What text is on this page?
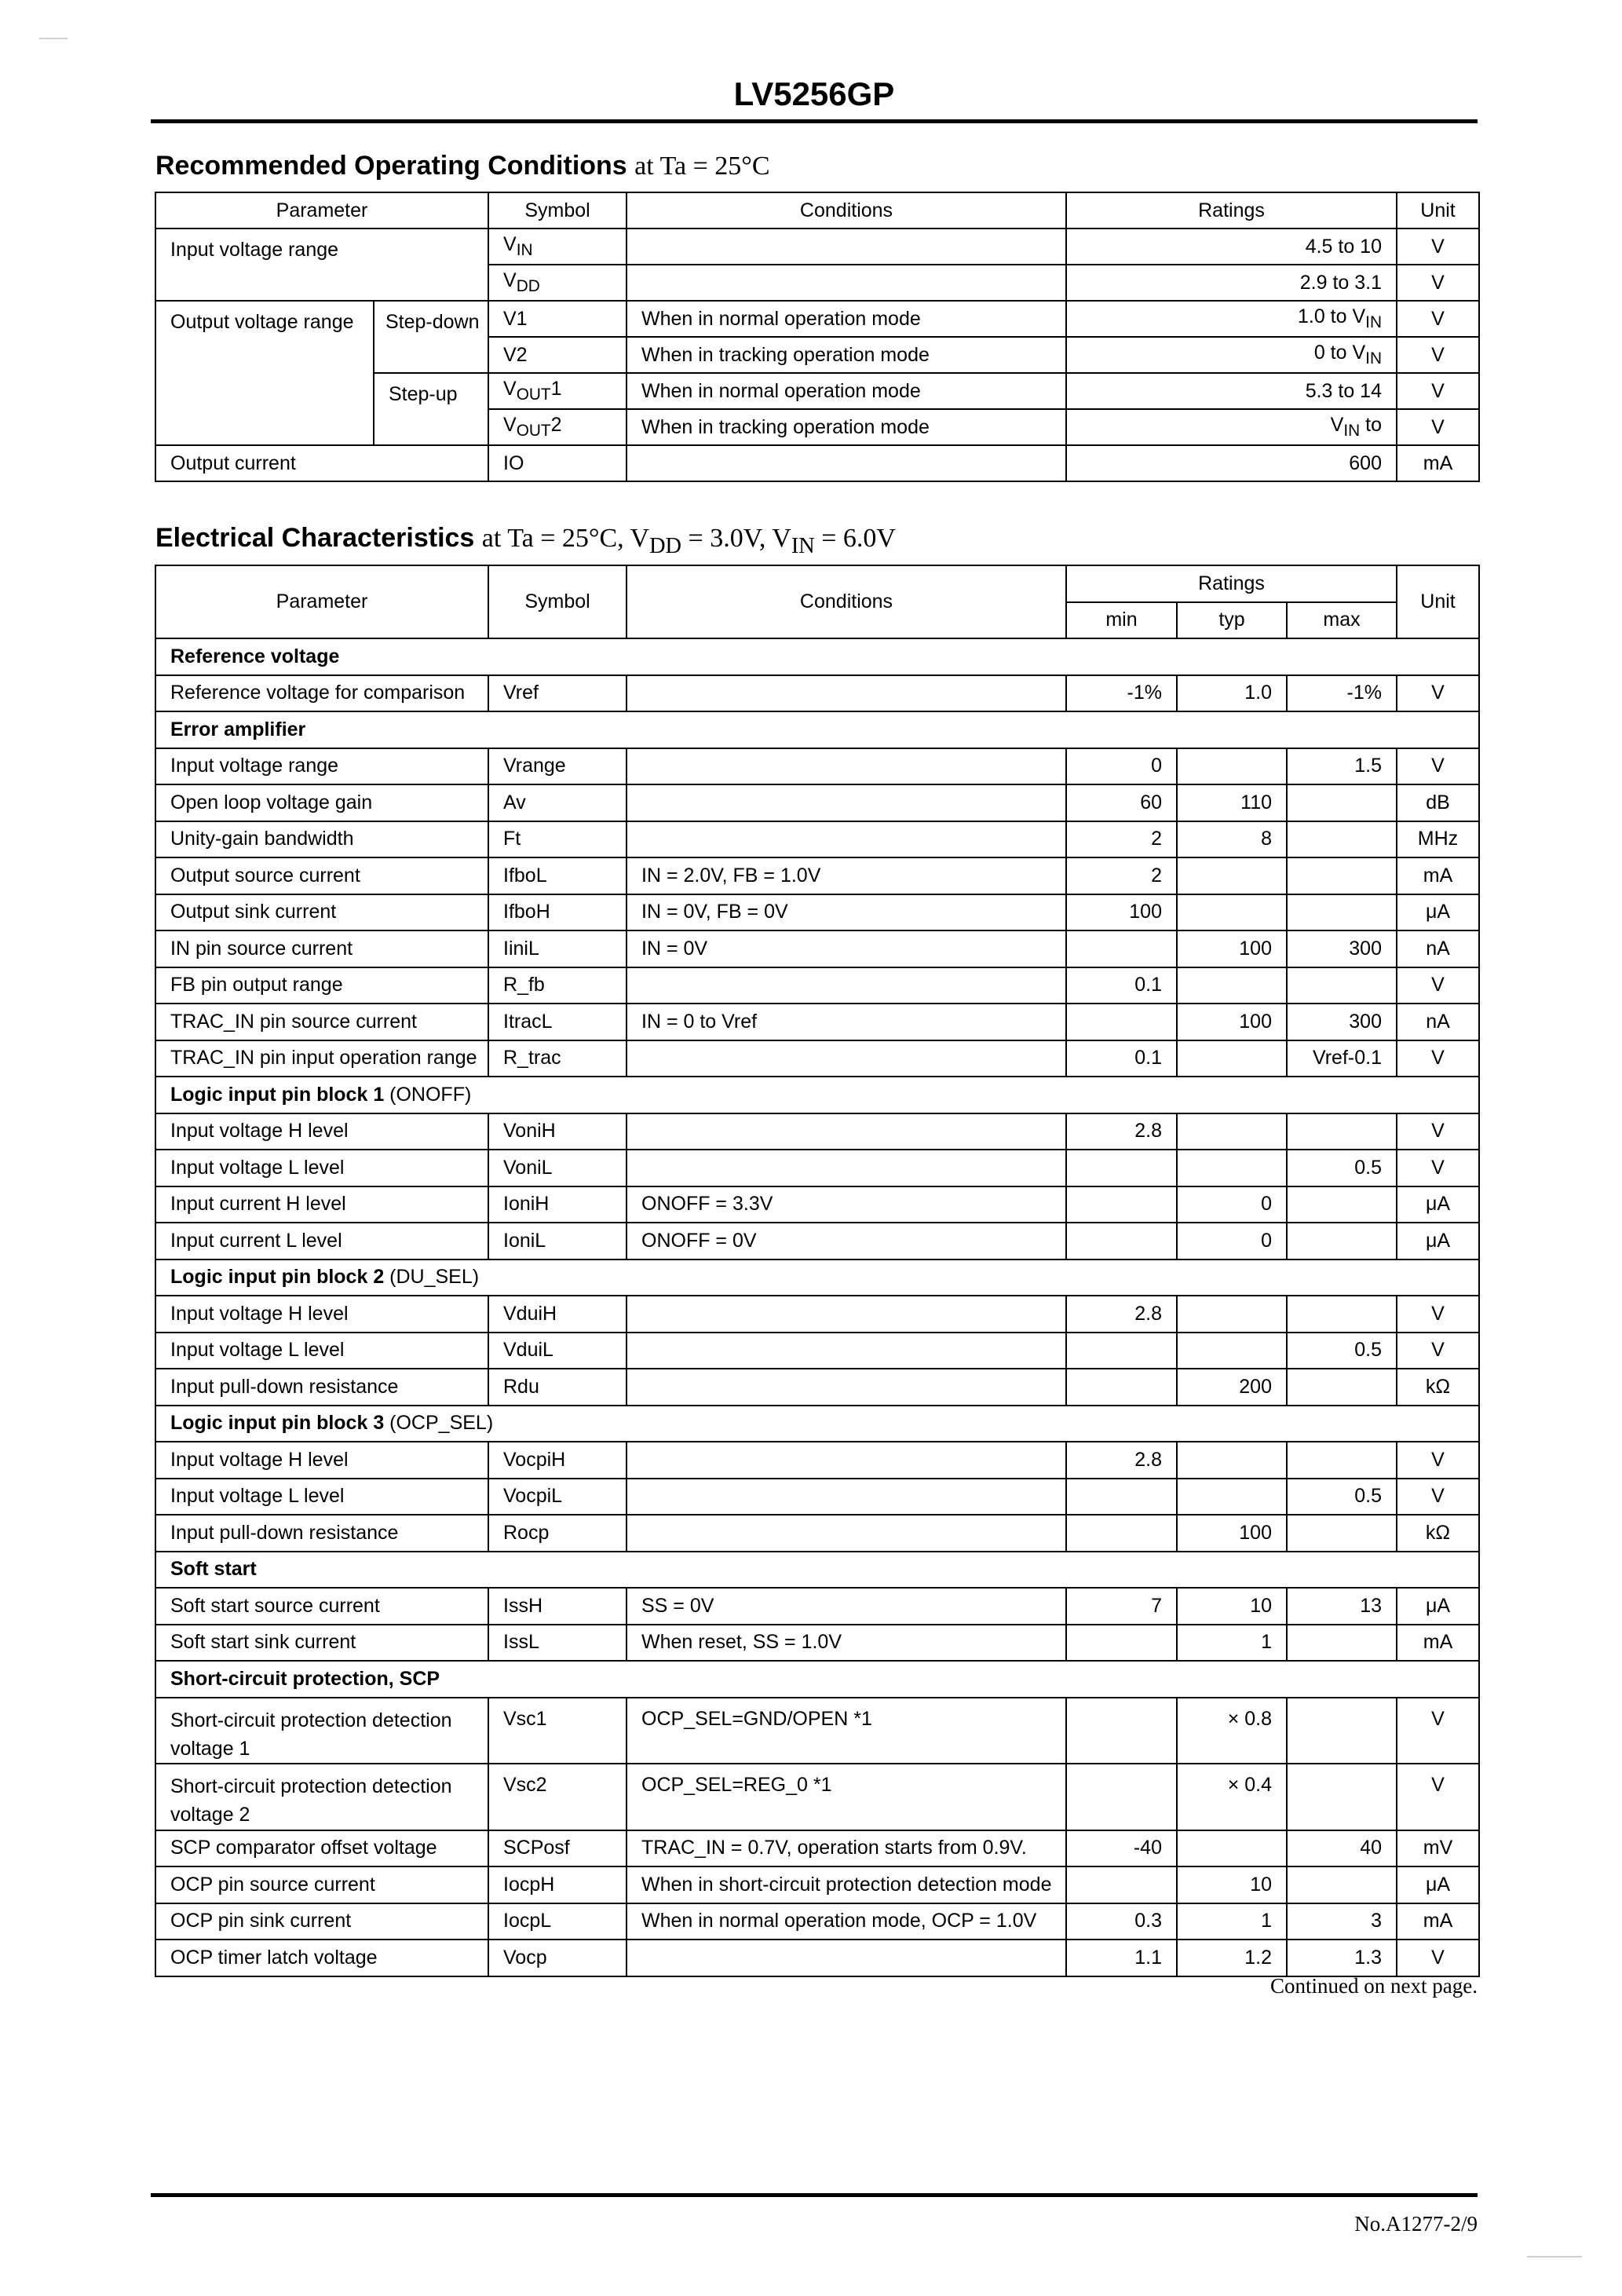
LV5256GP
Recommended Operating Conditions at Ta = 25°C
Parameter		Symbol	Conditions	Ratings	Unit
Input voltage range		$V_{IN}$		4.5 to 10	V
		$V_{DD}$		2.9 to 3.1	V
Output voltage range	Step-down	V1	When in normal operation mode	1.0 to $V_{IN}$	V
		V2	When in tracking operation mode	0 to $V_{IN}$	V
	Step-up	$V_{OUT}1$	When in normal operation mode	5.3 to 14	V
		$V_{OUT}2$	When in tracking operation mode	$V_{IN}$ to	V
Output current		IO		600	mA
Electrical Characteristics at Ta = 25°C, $V_{DD} = 3.0V$, $V_{IN} = 6.0V$
Parameter	Symbol	Conditions	Ratings			Unit
			min	typ	max	
Reference voltage						
Reference voltage for comparison	Vref		-1%	1.0	-1%	V
Error amplifier						
Input voltage range	Vrange		0		1.5	V
Open loop voltage gain	Av		60	110		dB
Unity-gain bandwidth	Ft		2	8		MHz
Output source current	IfboL	IN = 2.0V, FB = 1.0V	2			mA
Output sink current	IfboH	IN = 0V, FB = 0V	100			μA
IN pin source current	IiniL	IN = 0V		100	300	nA
FB pin output range	R_fb		0.1			V
TRAC_IN pin source current	ItracL	IN = 0 to Vref		100	300	nA
TRAC_IN pin input operation range	R_trac		0.1		Vref-0.1	V
Logic input pin block 1 (ONOFF)						
Input voltage H level	VoniH		2.8			V
Input voltage L level	VoniL				0.5	V
Input current H level	IoniH	ONOFF = 3.3V		0		μA
Input current L level	IoniL	ONOFF = 0V		0		μA
Logic input pin block 2 (DU_SEL)						
Input voltage H level	VduiH		2.8			V
Input voltage L level	VduiL				0.5	V
Input pull-down resistance	Rdu			200		kΩ
Logic input pin block 3 (OCP_SEL)						
Input voltage H level	VocpiH		2.8			V
Input voltage L level	VocpiL				0.5	V
Input pull-down resistance	Rocp			100		kΩ
Soft start						
Soft start source current	IssH	SS = 0V	7	10	13	μA
Soft start sink current	IssL	When reset, SS = 1.0V		1		mA
Short-circuit protection, SCP						
Short-circuit protection detection voltage 1	Vsc1	OCP_SEL=GND/OPEN *1		× 0.8		V
Short-circuit protection detection voltage 2	Vsc2	OCP_SEL=REG_0 *1		× 0.4		V
SCP comparator offset voltage	SCPosf	TRAC_IN = 0.7V, operation starts from 0.9V.	-40		40	mV
OCP pin source current	IocpH	When in short-circuit protection detection mode		10		μA
OCP pin sink current	IocpL	When in normal operation mode, OCP = 1.0V	0.3	1	3	mA
OCP timer latch voltage	Vocp		1.1	1.2	1.3	V
Continued on next page.
No.A1277-2/9
